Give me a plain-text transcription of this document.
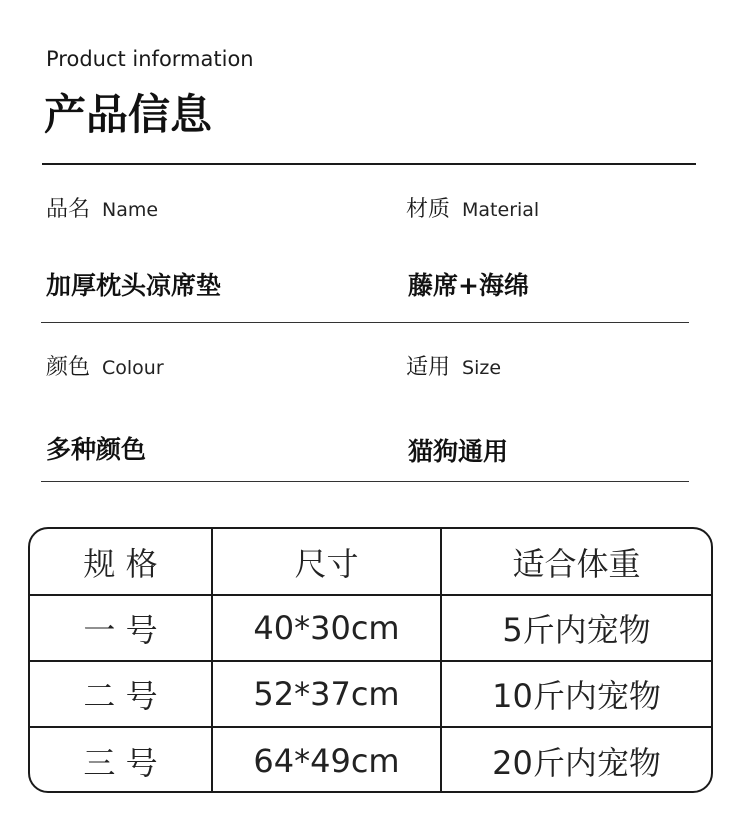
Product information
产品信息
品名 Name
加厚枕头凉席垫
材质 Material
藤席+海绵
颜色 Colour
多种颜色
适用 Size
猫狗通用
规 格	尺寸	适合体重
一 号	40*30cm	5斤内宠物
二 号	52*37cm	10斤内宠物
三 号	64*49cm	20斤内宠物
